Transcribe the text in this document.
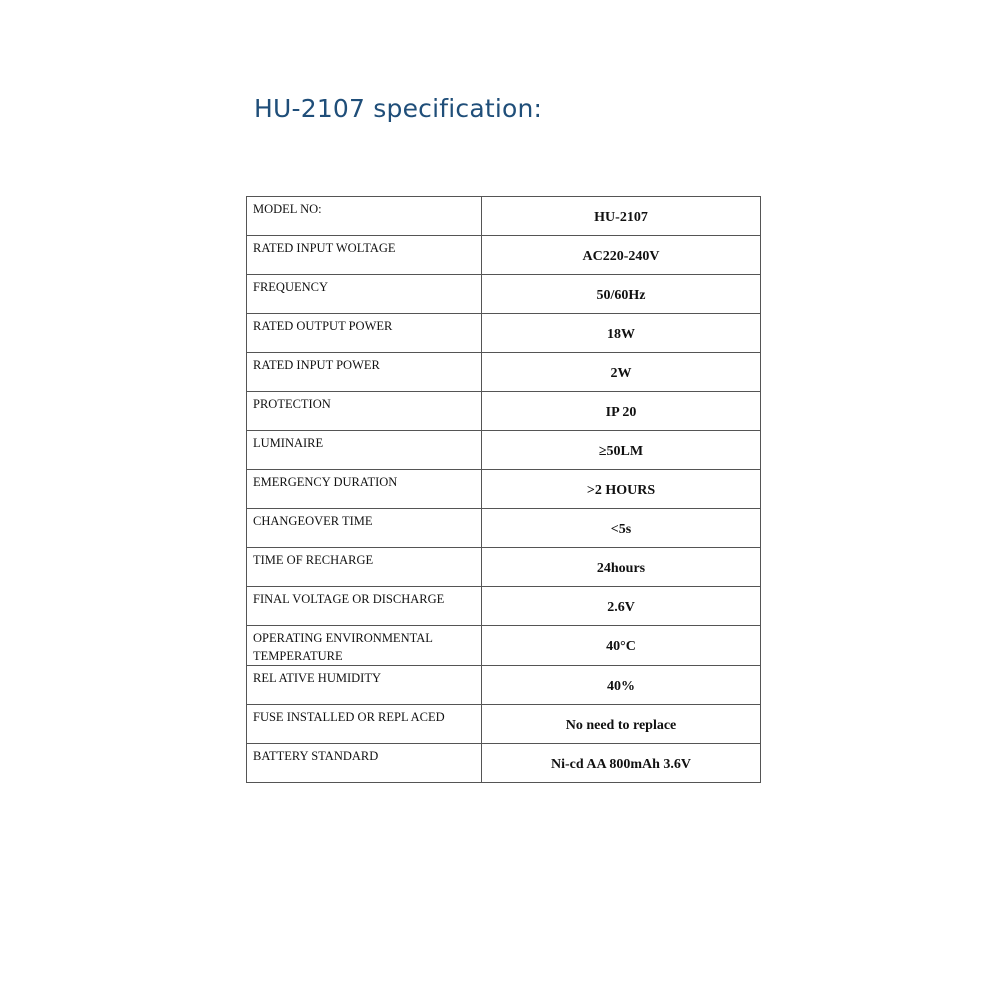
HU-2107 specification:
MODEL NO:	HU-2107
RATED INPUT WOLTAGE	AC220-240V
FREQUENCY	50/60Hz
RATED OUTPUT POWER	18W
RATED INPUT POWER	2W
PROTECTION	IP 20
LUMINAIRE	≥50LM
EMERGENCY DURATION	>2 HOURS
CHANGEOVER TIME	<5s
TIME OF RECHARGE	24hours
FINAL VOLTAGE OR DISCHARGE	2.6V
OPERATING ENVIRONMENTAL TEMPERATURE	40°C
REL ATIVE HUMIDITY	40%
FUSE INSTALLED OR REPL ACED	No need to replace
BATTERY STANDARD	Ni-cd AA 800mAh 3.6V
